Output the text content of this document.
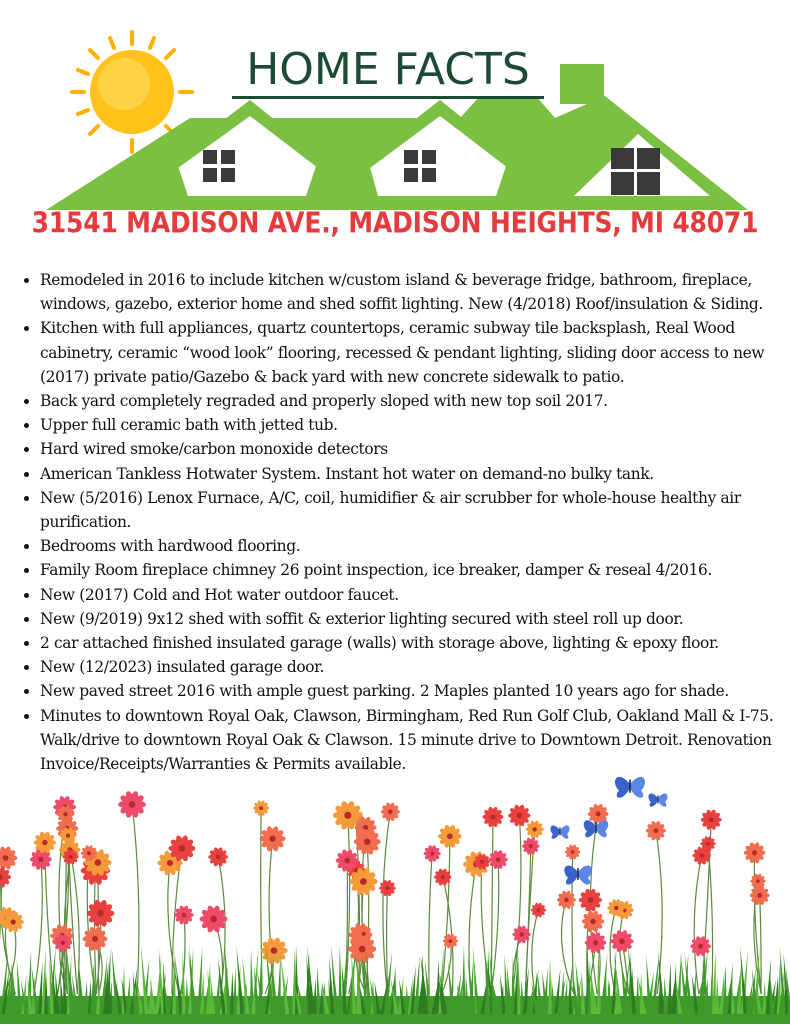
HOME FACTS
31541 MADISON AVE., MADISON HEIGHTS, MI 48071
Remodeled in 2016 to include kitchen w/custom island & beverage fridge, bathroom, fireplace, windows, gazebo, exterior home and shed soffit lighting. New (4/2018) Roof/insulation & Siding.
Kitchen with full appliances, quartz countertops, ceramic subway tile backsplash, Real Wood cabinetry, ceramic “wood look” flooring, recessed & pendant lighting, sliding door access to new (2017) private patio/Gazebo & back yard with new concrete sidewalk to patio.
Back yard completely regraded and properly sloped with new top soil 2017.
Upper full ceramic bath with jetted tub.
Hard wired smoke/carbon monoxide detectors
American Tankless Hotwater System. Instant hot water on demand-no bulky tank.
New (5/2016) Lenox Furnace, A/C, coil, humidifier & air scrubber for whole-house healthy air purification.
Bedrooms with hardwood flooring.
Family Room fireplace chimney 26 point inspection, ice breaker, damper & reseal 4/2016.
New (2017) Cold and Hot water outdoor faucet.
New (9/2019) 9x12 shed with soffit & exterior lighting secured with steel roll up door.
2 car attached finished insulated garage (walls) with storage above, lighting & epoxy floor.
New (12/2023) insulated garage door.
New paved street 2016 with ample guest parking. 2 Maples planted 10 years ago for shade.
Minutes to downtown Royal Oak, Clawson, Birmingham, Red Run Golf Club, Oakland Mall & I-75. Walk/drive to downtown Royal Oak & Clawson. 15 minute drive to Downtown Detroit. Renovation Invoice/Receipts/Warranties & Permits available.
